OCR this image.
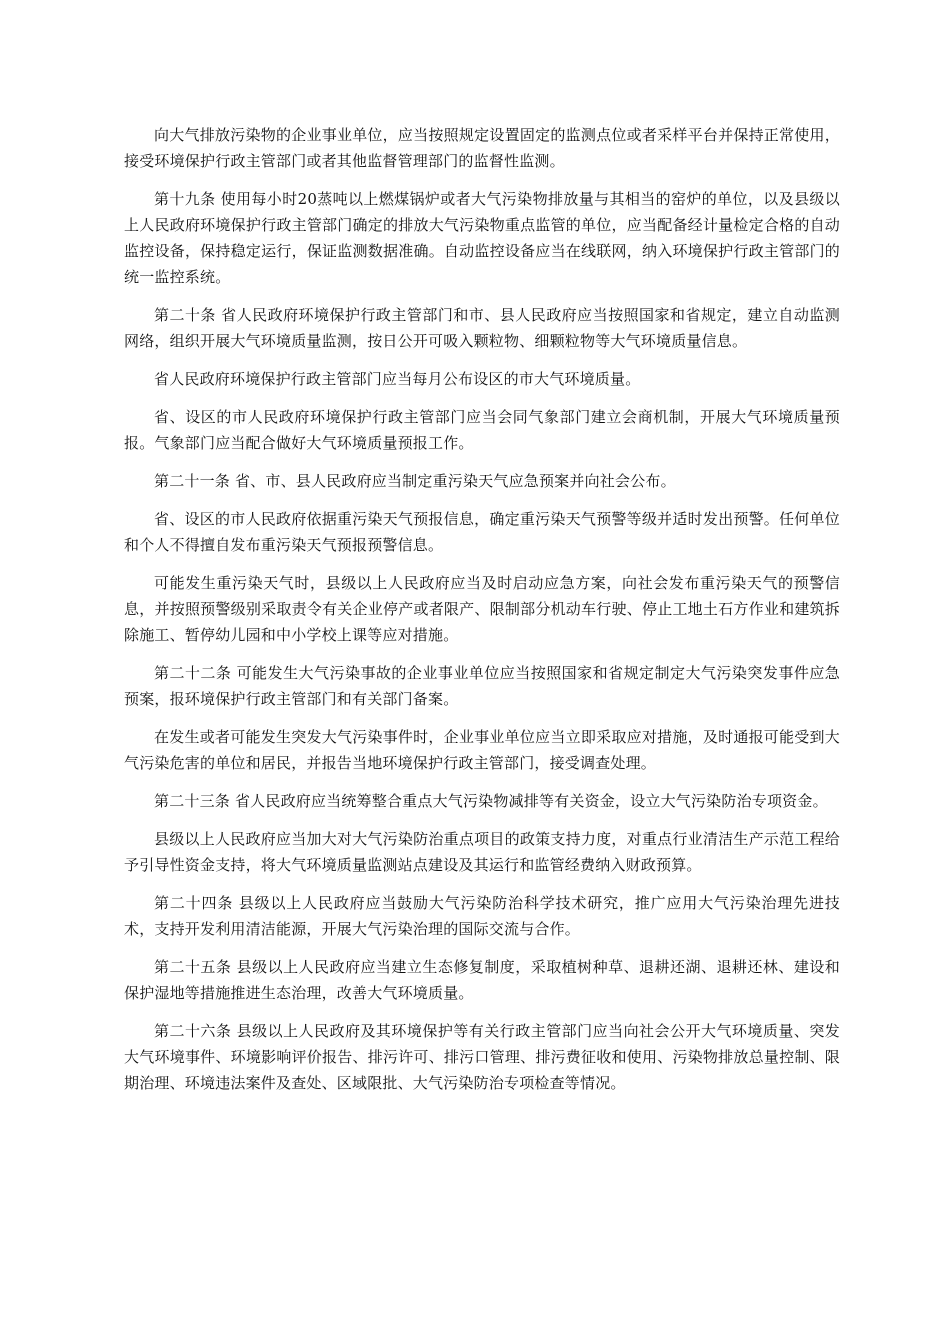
向大气排放污染物的企业事业单位，应当按照规定设置固定的监测点位或者采样平台并保持正常使用，接受环境保护行政主管部门或者其他监督管理部门的监督性监测。

第十九条 使用每小时20蒸吨以上燃煤锅炉或者大气污染物排放量与其相当的窑炉的单位，以及县级以上人民政府环境保护行政主管部门确定的排放大气污染物重点监管的单位，应当配备经计量检定合格的自动监控设备，保持稳定运行，保证监测数据准确。自动监控设备应当在线联网，纳入环境保护行政主管部门的统一监控系统。

第二十条 省人民政府环境保护行政主管部门和市、县人民政府应当按照国家和省规定，建立自动监测网络，组织开展大气环境质量监测，按日公开可吸入颗粒物、细颗粒物等大气环境质量信息。

省人民政府环境保护行政主管部门应当每月公布设区的市大气环境质量。

省、设区的市人民政府环境保护行政主管部门应当会同气象部门建立会商机制，开展大气环境质量预报。气象部门应当配合做好大气环境质量预报工作。

第二十一条 省、市、县人民政府应当制定重污染天气应急预案并向社会公布。

省、设区的市人民政府依据重污染天气预报信息，确定重污染天气预警等级并适时发出预警。任何单位和个人不得擅自发布重污染天气预报预警信息。

可能发生重污染天气时，县级以上人民政府应当及时启动应急方案，向社会发布重污染天气的预警信息，并按照预警级别采取责令有关企业停产或者限产、限制部分机动车行驶、停止工地土石方作业和建筑拆除施工、暂停幼儿园和中小学校上课等应对措施。

第二十二条 可能发生大气污染事故的企业事业单位应当按照国家和省规定制定大气污染突发事件应急预案，报环境保护行政主管部门和有关部门备案。

在发生或者可能发生突发大气污染事件时，企业事业单位应当立即采取应对措施，及时通报可能受到大气污染危害的单位和居民，并报告当地环境保护行政主管部门，接受调查处理。

第二十三条 省人民政府应当统筹整合重点大气污染物减排等有关资金，设立大气污染防治专项资金。

县级以上人民政府应当加大对大气污染防治重点项目的政策支持力度，对重点行业清洁生产示范工程给予引导性资金支持，将大气环境质量监测站点建设及其运行和监管经费纳入财政预算。

第二十四条 县级以上人民政府应当鼓励大气污染防治科学技术研究，推广应用大气污染治理先进技术，支持开发利用清洁能源，开展大气污染治理的国际交流与合作。

第二十五条 县级以上人民政府应当建立生态修复制度，采取植树种草、退耕还湖、退耕还林、建设和保护湿地等措施推进生态治理，改善大气环境质量。

第二十六条 县级以上人民政府及其环境保护等有关行政主管部门应当向社会公开大气环境质量、突发大气环境事件、环境影响评价报告、排污许可、排污口管理、排污费征收和使用、污染物排放总量控制、限期治理、环境违法案件及查处、区域限批、大气污染防治专项检查等情况。
